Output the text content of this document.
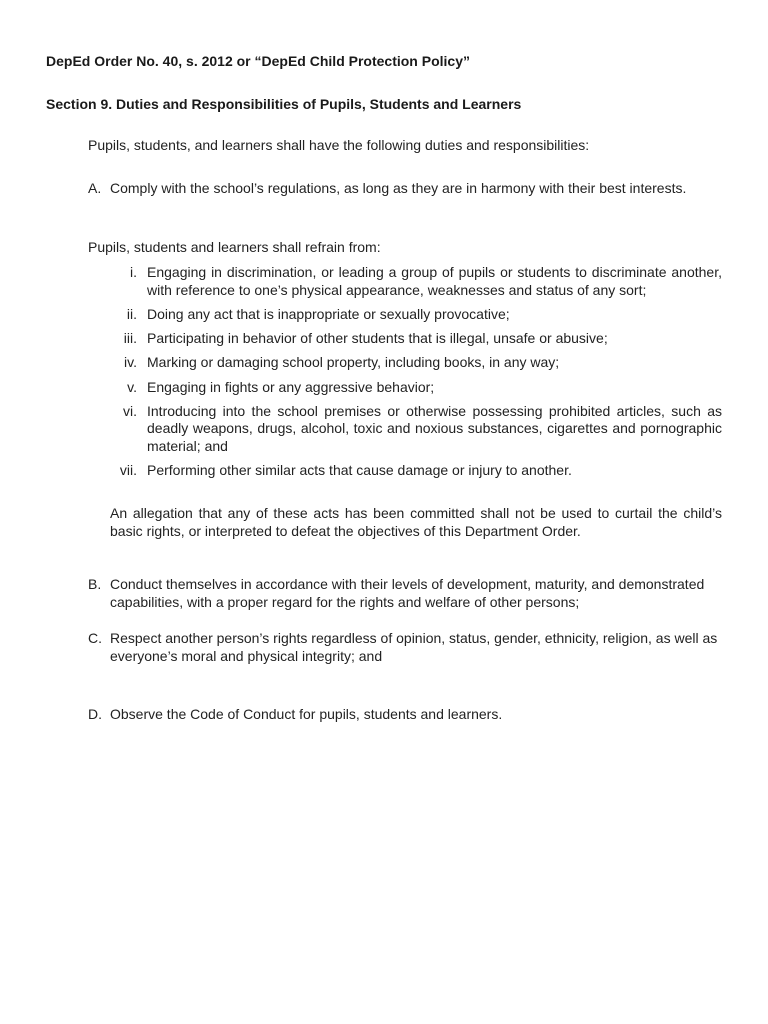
DepEd Order No. 40, s. 2012 or “DepEd Child Protection Policy”
Section 9. Duties and Responsibilities of Pupils, Students and Learners
Pupils, students, and learners shall have the following duties and responsibilities:
A. Comply with the school’s regulations, as long as they are in harmony with their best interests.
Pupils, students and learners shall refrain from:
i. Engaging in discrimination, or leading a group of pupils or students to discriminate another, with reference to one’s physical appearance, weaknesses and status of any sort;
ii. Doing any act that is inappropriate or sexually provocative;
iii. Participating in behavior of other students that is illegal, unsafe or abusive;
iv. Marking or damaging school property, including books, in any way;
v. Engaging in fights or any aggressive behavior;
vi. Introducing into the school premises or otherwise possessing prohibited articles, such as deadly weapons, drugs, alcohol, toxic and noxious substances, cigarettes and pornographic material; and
vii. Performing other similar acts that cause damage or injury to another.
An allegation that any of these acts has been committed shall not be used to curtail the child’s basic rights, or interpreted to defeat the objectives of this Department Order.
B. Conduct themselves in accordance with their levels of development, maturity, and demonstrated capabilities, with a proper regard for the rights and welfare of other persons;
C. Respect another person’s rights regardless of opinion, status, gender, ethnicity, religion, as well as everyone’s moral and physical integrity; and
D. Observe the Code of Conduct for pupils, students and learners.
